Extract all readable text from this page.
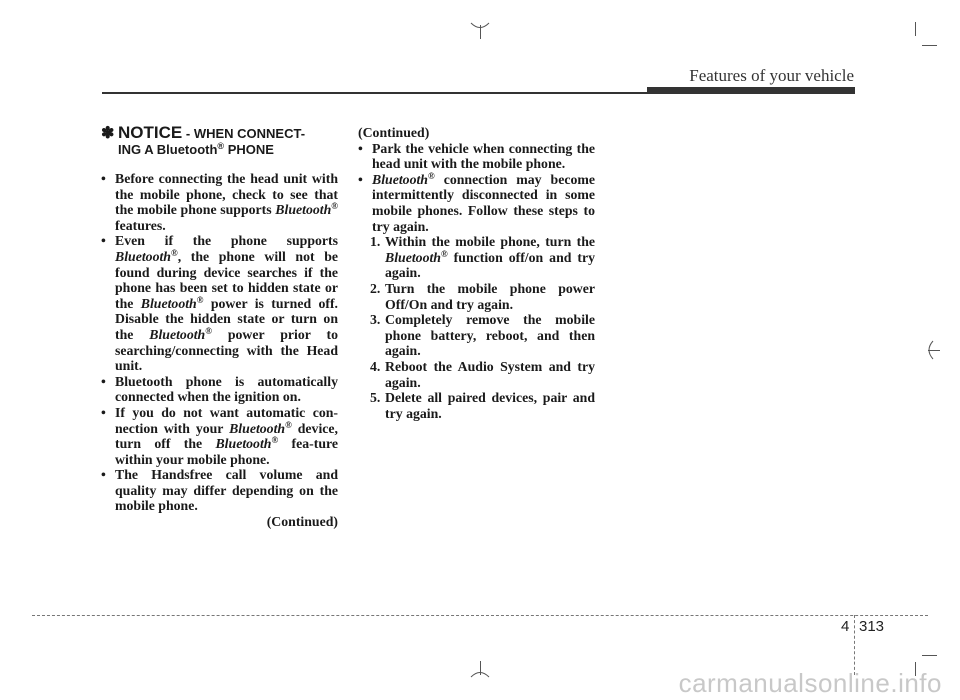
Features of your vehicle
✽ NOTICE - WHEN CONNECT-
ING A Bluetooth® PHONE
• Before connecting the head unit with the mobile phone, check to see that the mobile phone supports Bluetooth® features.
• Even if the phone supports Bluetooth®, the phone will not be found during device searches if the phone has been set to hidden state or the Bluetooth® power is turned off. Disable the hidden state or turn on the Bluetooth® power prior to searching/connecting with the Head unit.
• Bluetooth phone is automatically connected when the ignition on.
• If you do not want automatic con-nection with your Bluetooth® device, turn off the Bluetooth® fea-ture within your mobile phone.
• The Handsfree call volume and quality may differ depending on the mobile phone.
(Continued)
(Continued)
• Park the vehicle when connecting the head unit with the mobile phone.
• Bluetooth® connection may become intermittently disconnected in some mobile phones. Follow these steps to try again.
1. Within the mobile phone, turn the Bluetooth® function off/on and try again.
2. Turn the mobile phone power Off/On and try again.
3. Completely remove the mobile phone battery, reboot, and then again.
4. Reboot the Audio System and try again.
5. Delete all paired devices, pair and try again.
4 313
carmanualsonline.info
